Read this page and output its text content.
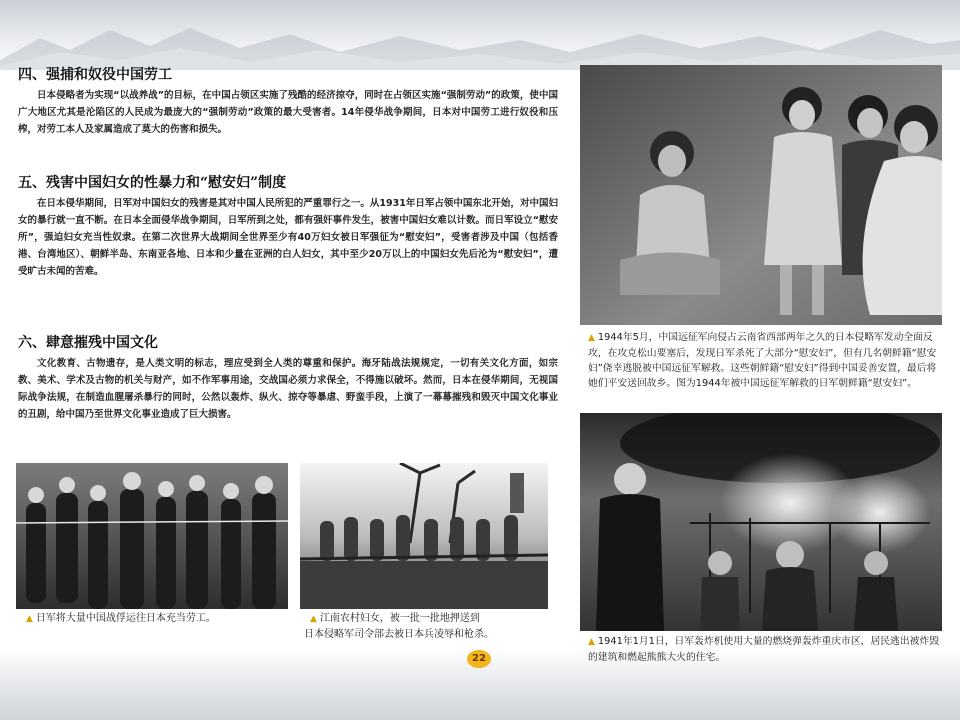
四、强捕和奴役中国劳工

日本侵略者为实现“以战养战”的目标，在中国占领区实施了残酷的经济掠夺，同时在占领区实施“强制劳动”的政策，使中国广大地区尤其是沦陷区的人民成为最庞大的“强制劳动”政策的最大受害者。14年侵华战争期间，日本对中国劳工进行奴役和压榨，对劳工本人及家属造成了莫大的伤害和损失。

五、残害中国妇女的性暴力和“慰安妇”制度

在日本侵华期间，日军对中国妇女的残害是其对中国人民所犯的严重罪行之一。从1931年日军占领中国东北开始，对中国妇女的暴行就一直不断。在日本全面侵华战争期间，日军所到之处，都有强奸事件发生，被害中国妇女难以计数。而日军设立“慰安所”，强迫妇女充当性奴隶。在第二次世界大战期间全世界至少有40万妇女被日军强征为“慰安妇”，受害者涉及中国（包括香港、台湾地区）、朝鲜半岛、东南亚各地、日本和少量在亚洲的白人妇女，其中至少20万以上的中国妇女先后沦为“慰安妇”，遭受旷古未闻的苦难。

六、肆意摧残中国文化

文化教育、古物遗存，是人类文明的标志，理应受到全人类的尊重和保护。海牙陆战法规规定，一切有关文化方面，如宗教、美术、学术及古物的机关与财产，如不作军事用途，交战国必须力求保全，不得施以破坏。然而，日本在侵华期间，无视国际战争法规，在制造血腥屠杀暴行的同时，公然以轰炸、纵火、掠夺等暴虐、野蛮手段，上演了一幕幕摧残和毁灭中国文化事业的丑剧，给中国乃至世界文化事业造成了巨大损害。

▲ 日军将大量中国战俘运往日本充当劳工。	▲ 江南农村妇女，被一批一批地押送到
日本侵略军司令部去被日本兵凌辱和枪杀。
▲ 1944年5月，中国远征军向侵占云南省西部两年之久的日本侵略军发动全面反攻，在攻克松山要塞后，发现日军杀死了大部分“慰安妇”，但有几名朝鲜籍“慰安妇”侥幸逃脱被中国远征军解救。这些朝鲜籍“慰安妇”得到中国妥善安置，最后将她们平安送回故乡。图为1944年被中国远征军解救的日军朝鲜籍“慰安妇”。
▲ 1941年1月1日，日军轰炸机使用大量的燃烧弹轰炸重庆市区，居民逃出被炸毁的建筑和燃起熊熊大火的住宅。
22
